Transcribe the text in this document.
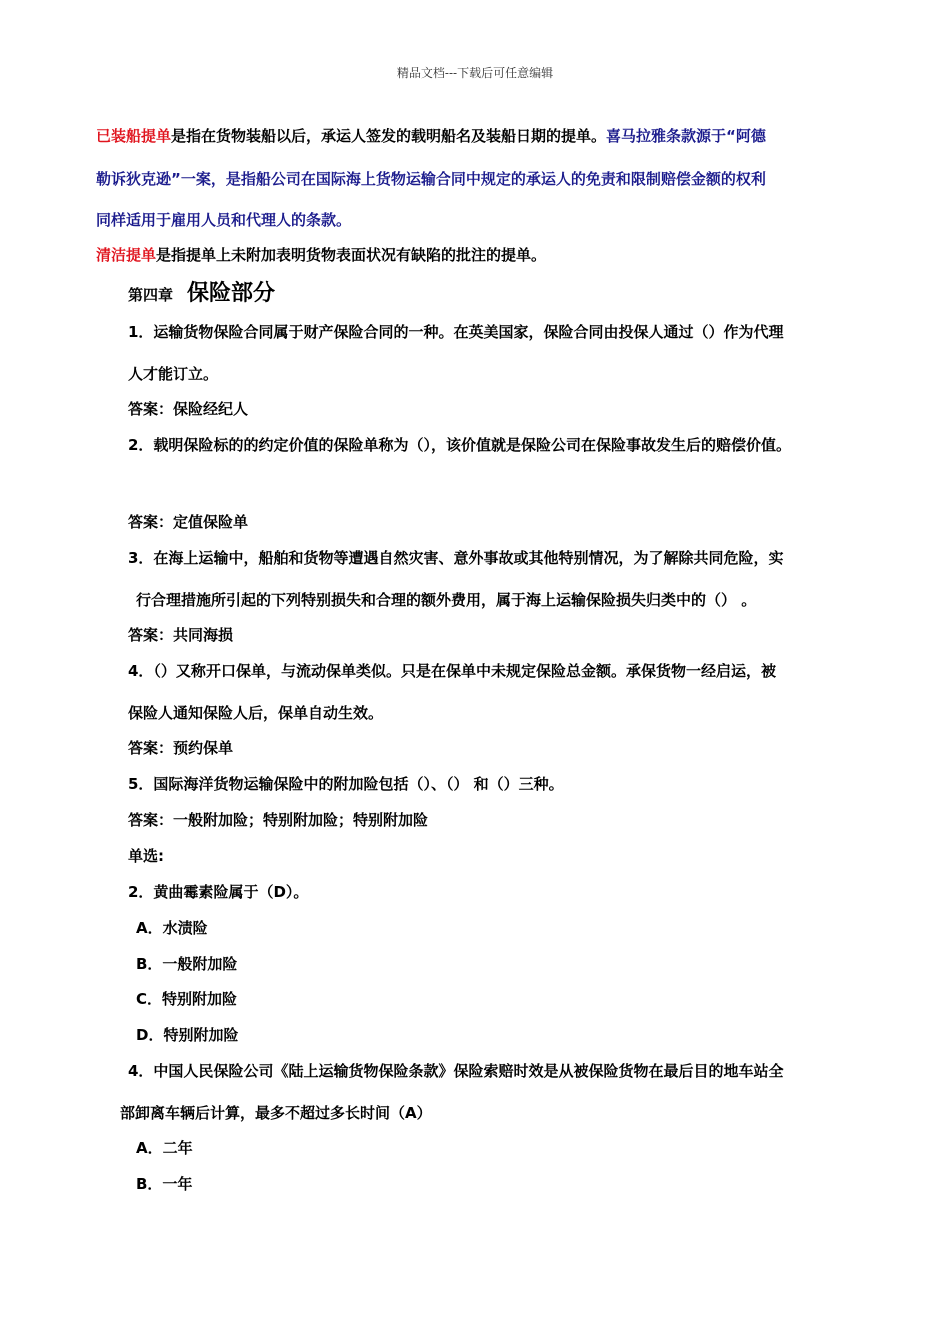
精品文档---下载后可任意编辑
已装船提单是指在货物装船以后，承运人签发的载明船名及装船日期的提单。喜马拉雅条款源于“阿德
勒诉狄克逊”一案，是指船公司在国际海上货物运输合同中规定的承运人的免责和限制赔偿金额的权利
同样适用于雇用人员和代理人的条款。
清洁提单是指提单上未附加表明货物表面状况有缺陷的批注的提单。
第四章 保险部分
1．运输货物保险合同属于财产保险合同的一种。在英美国家，保险合同由投保人通过（）作为代理
人才能订立。
答案：保险经纪人
2．载明保险标的的约定价值的保险单称为（），该价值就是保险公司在保险事故发生后的赔偿价值。
答案：定值保险单
3．在海上运输中，船舶和货物等遭遇自然灾害、意外事故或其他特别情况，为了解除共同危险，实
行合理措施所引起的下列特别损失和合理的额外费用，属于海上运输保险损失归类中的（） 。
答案：共同海损
4．（）又称开口保单，与流动保单类似。只是在保单中未规定保险总金额。承保货物一经启运，被
保险人通知保险人后，保单自动生效。
答案：预约保单
5．国际海洋货物运输保险中的附加险包括（）、（） 和（）三种。
答案：一般附加险；特别附加险；特别附加险
单选:
2．黄曲霉素险属于（D）。
A．水渍险
B．一般附加险
C．特别附加险
D．特别附加险
4．中国人民保险公司《陆上运输货物保险条款》保险索赔时效是从被保险货物在最后目的地车站全
部卸离车辆后计算，最多不超过多长时间（A）
A．二年
B．一年
